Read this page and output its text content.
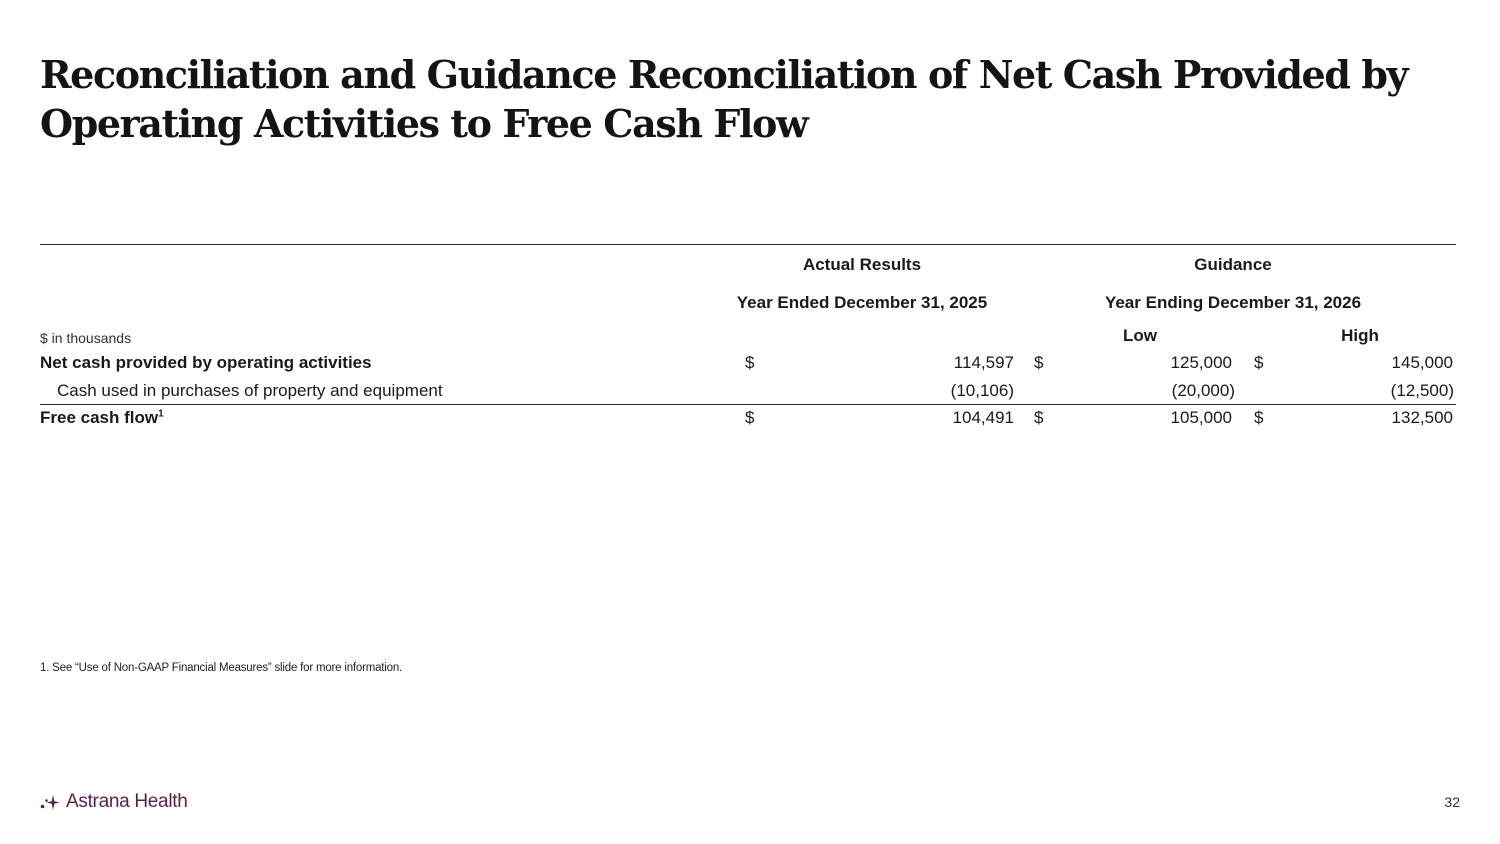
Reconciliation and Guidance Reconciliation of Net Cash Provided by
Operating Activities to Free Cash Flow
Actual Results	Guidance
Year Ended December 31, 2025	Year Ending December 31, 2026
$ in thousands	Low	High
Net cash provided by operating activities	$	114,597 $	125,000 $	145,000
Cash used in purchases of property and equipment	(10,106)	(20,000)	(12,500)
Free cash flow$^1$	$	104,491 $	105,000 $	132,500
1. See “Use of Non-GAAP Financial Measures” slide for more information.
Astrana Health	32
